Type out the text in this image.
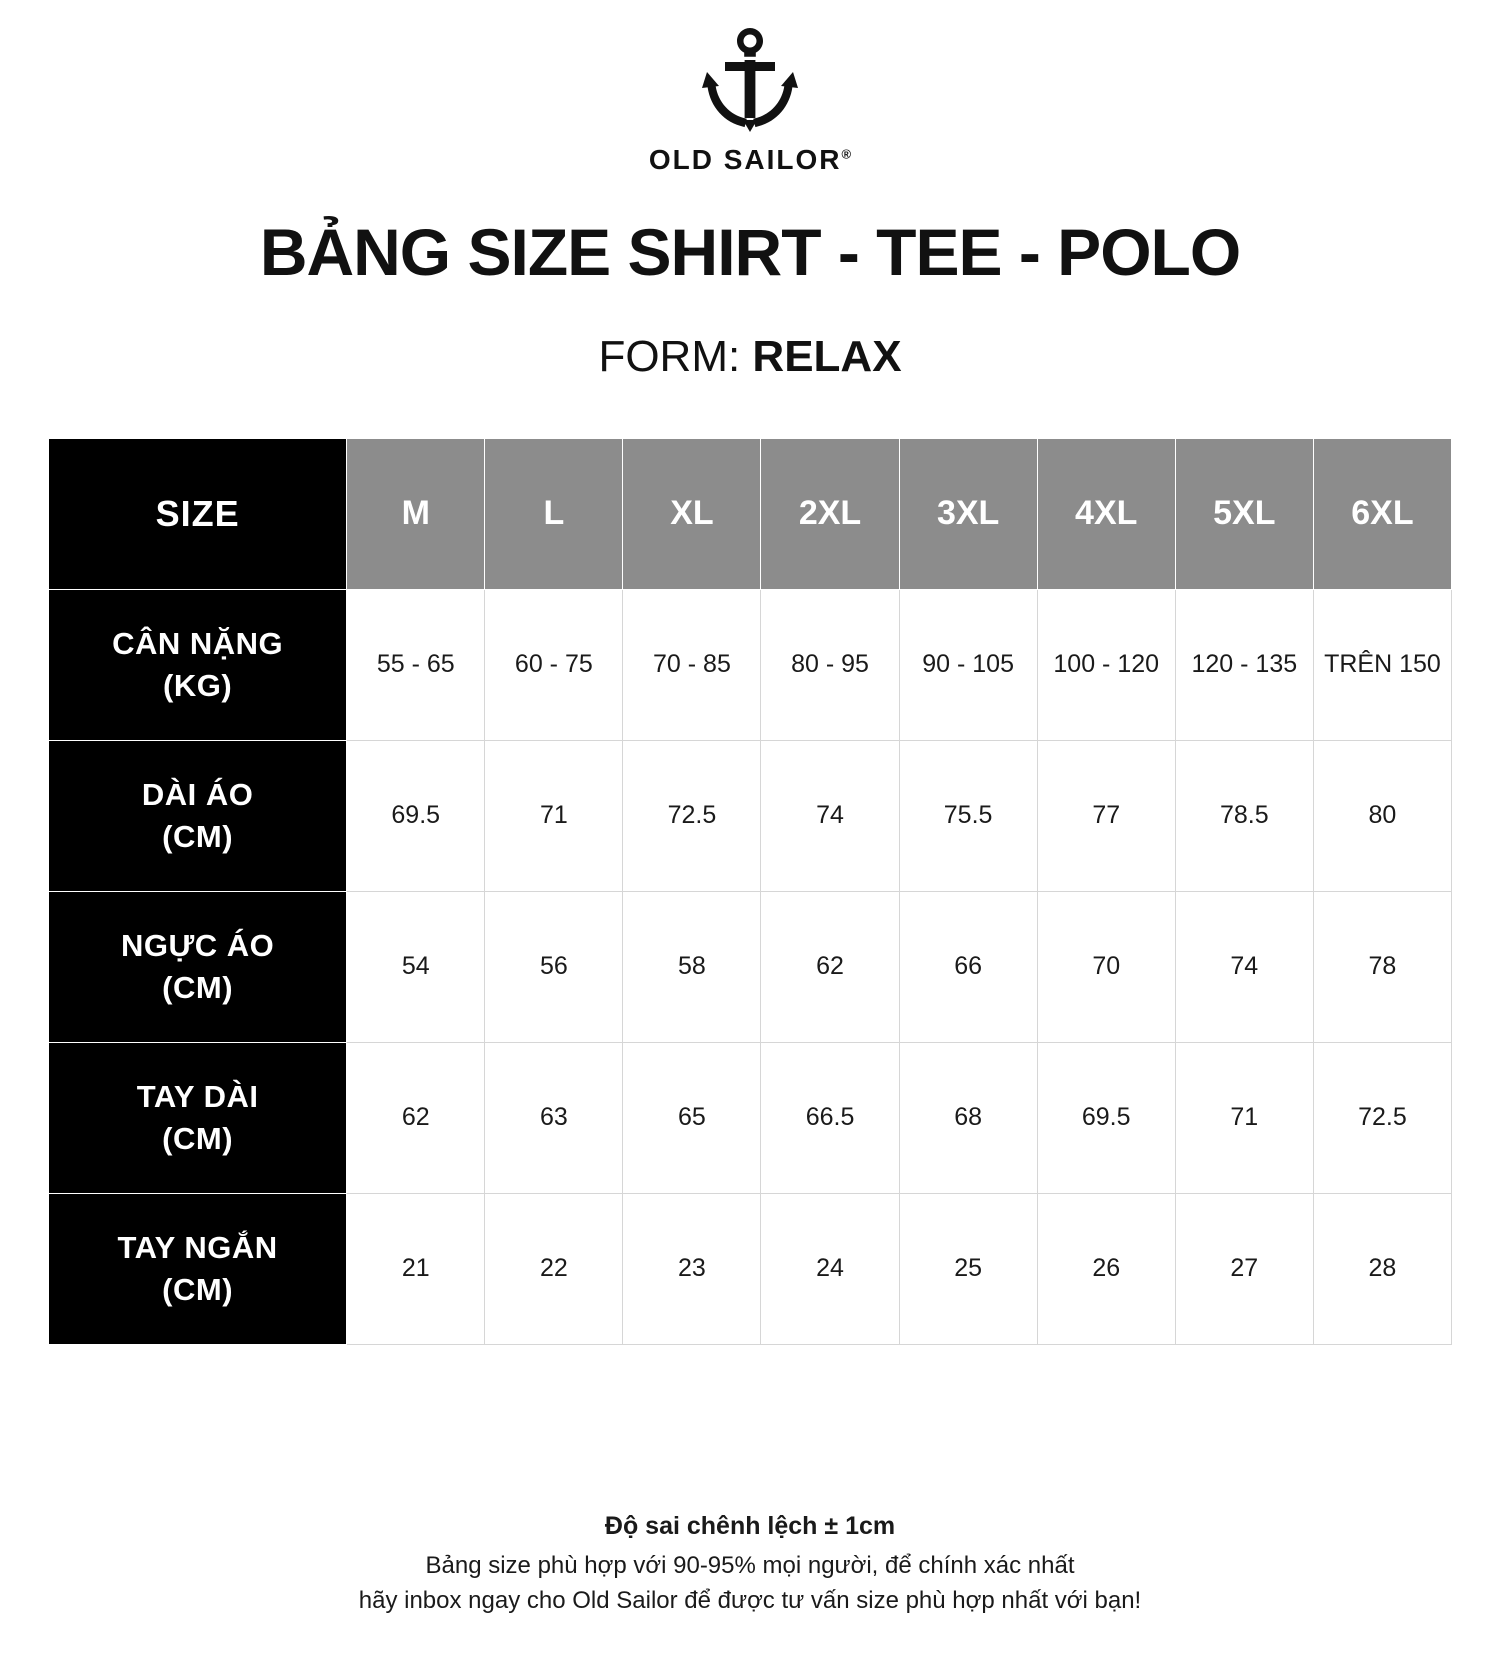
OLD SAILOR®
BẢNG SIZE SHIRT - TEE - POLO
FORM: RELAX
SIZE	M	L	XL	2XL	3XL	4XL	5XL	6XL

CÂN NẶNG
(KG)	55 - 65	60 - 75	70 - 85	80 - 95	90 - 105	100 - 120	120 - 135	TRÊN 150

DÀI ÁO
(CM)	69.5	71	72.5	74	75.5	77	78.5	80

NGỰC ÁO
(CM)	54	56	58	62	66	70	74	78

TAY DÀI
(CM)	62	63	65	66.5	68	69.5	71	72.5

TAY NGẮN
(CM)	21	22	23	24	25	26	27	28
Độ sai chênh lệch ± 1cm
Bảng size phù hợp với 90-95% mọi người, để chính xác nhất
hãy inbox ngay cho Old Sailor để được tư vấn size phù hợp nhất với bạn!
